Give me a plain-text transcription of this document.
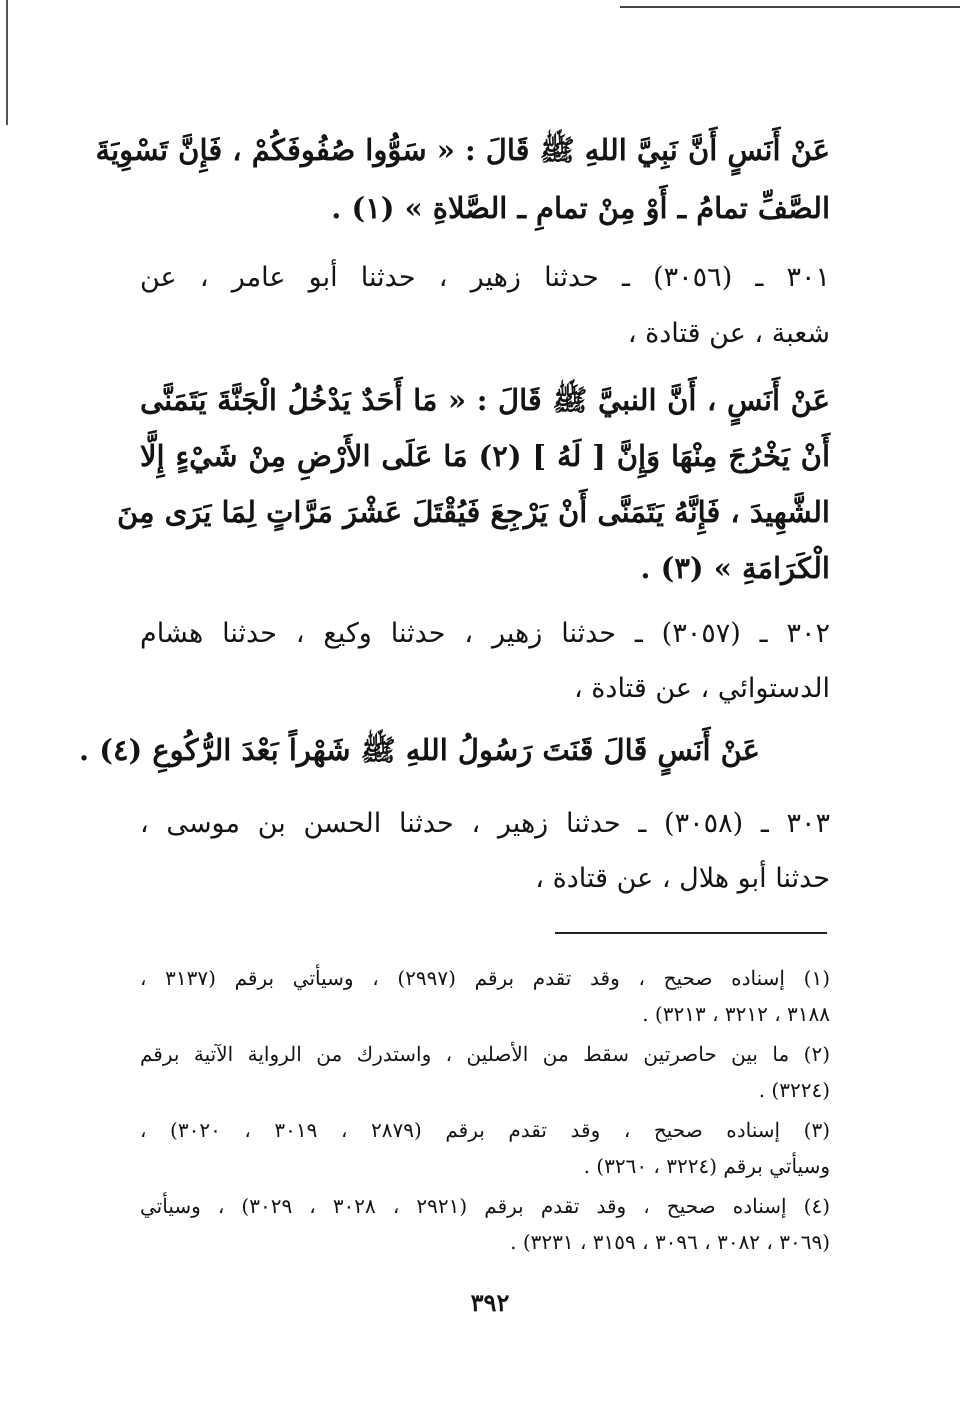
عَنْ أَنَسٍ أَنَّ نَبِيَّ اللهِ ﷺ قَالَ : « سَوُّوا صُفُوفَكُمْ ، فَإِنَّ تَسْوِيَةَ
الصَّفِّ تمامُ ـ أَوْ مِنْ تمامِ ـ الصَّلاةِ » (١) .
٣٠١ ـ (٣٠٥٦) ـ حدثنا زهير ، حدثنا أبو عامر ، عن
شعبة ، عن قتادة ،
عَنْ أَنَسٍ ، أَنَّ النبيَّ ﷺ قَالَ : « مَا أَحَدٌ يَدْخُلُ الْجَنَّةَ يَتَمَنَّى
أَنْ يَخْرُجَ مِنْهَا وَإِنَّ [ لَهُ ] (٢) مَا عَلَى الأَرْضِ مِنْ شَيْءٍ إِلَّا
الشَّهِيدَ ، فَإِنَّهُ يَتَمَنَّى أَنْ يَرْجِعَ فَيُقْتَلَ عَشْرَ مَرَّاتٍ لِمَا يَرَى مِنَ
الْكَرَامَةِ » (٣) .
٣٠٢ ـ (٣٠٥٧) ـ حدثنا زهير ، حدثنا وكيع ، حدثنا هشام
الدستوائي ، عن قتادة ،
عَنْ أَنَسٍ قَالَ قَنَتَ رَسُولُ اللهِ ﷺ شَهْراً بَعْدَ الرُّكُوعِ (٤) .
٣٠٣ ـ (٣٠٥٨) ـ حدثنا زهير ، حدثنا الحسن بن موسى ،
حدثنا أبو هلال ، عن قتادة ،
(١) إسناده صحيح ، وقد تقدم برقم (٢٩٩٧) ، وسيأتي برقم (٣١٣٧ ،
٣١٨٨ ، ٣٢١٢ ، ٣٢١٣) .
(٢) ما بين حاصرتين سقط من الأصلين ، واستدرك من الرواية الآتية برقم
(٣٢٢٤) .
(٣) إسناده صحيح ، وقد تقدم برقم (٢٨٧٩ ، ٣٠١٩ ، ٣٠٢٠) ،
وسيأتي برقم (٣٢٢٤ ، ٣٢٦٠) .
(٤) إسناده صحيح ، وقد تقدم برقم (٢٩٢١ ، ٣٠٢٨ ، ٣٠٢٩) ، وسيأتي
(٣٠٦٩ ، ٣٠٨٢ ، ٣٠٩٦ ، ٣١٥٩ ، ٣٢٣١) .
٣٩٢
